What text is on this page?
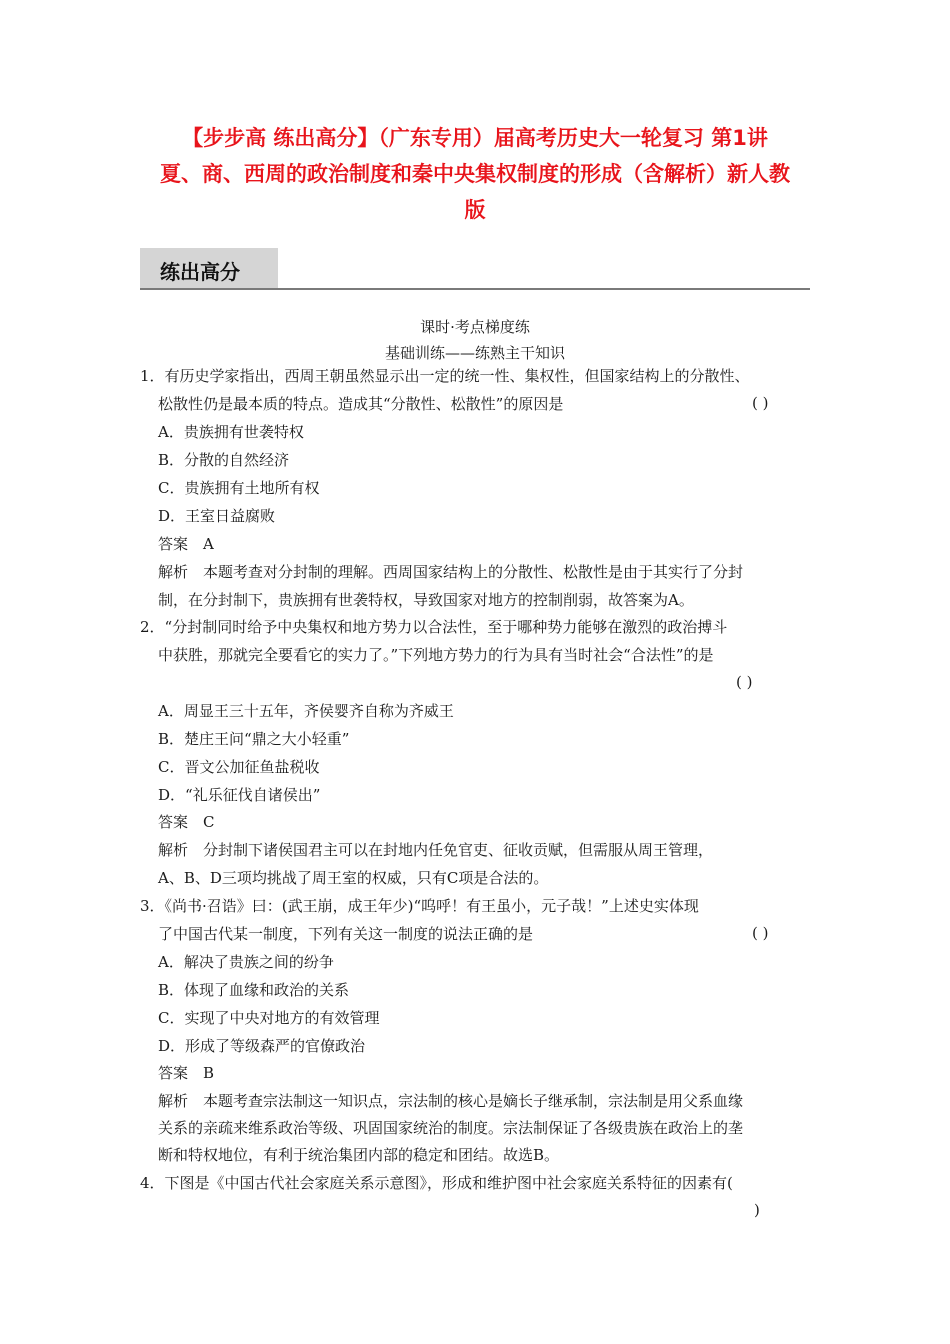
【步步高 练出高分】（广东专用）届高考历史大一轮复习 第1讲
夏、商、西周的政治制度和秦中央集权制度的形成（含解析）新人教
版
练出高分
课时·考点梯度练
基础训练——练熟主干知识
1．有历史学家指出，西周王朝虽然显示出一定的统一性、集权性，但国家结构上的分散性、
松散性仍是最本质的特点。造成其“分散性、松散性”的原因是	( )
A．贵族拥有世袭特权
B．分散的自然经济
C．贵族拥有土地所有权
D．王室日益腐败
答案　A
解析　本题考查对分封制的理解。西周国家结构上的分散性、松散性是由于其实行了分封
制，在分封制下，贵族拥有世袭特权，导致国家对地方的控制削弱，故答案为A。
2．“分封制同时给予中央集权和地方势力以合法性，至于哪种势力能够在激烈的政治搏斗
中获胜，那就完全要看它的实力了。”下列地方势力的行为具有当时社会“合法性”的是
( )
A．周显王三十五年，齐侯婴齐自称为齐威王
B．楚庄王问“鼎之大小轻重”
C．晋文公加征鱼盐税收
D．“礼乐征伐自诸侯出”
答案　C
解析　分封制下诸侯国君主可以在封地内任免官吏、征收贡赋，但需服从周王管理，
A、B、D三项均挑战了周王室的权威，只有C项是合法的。
3．《尚书·召诰》曰：(武王崩，成王年少)“呜呼！有王虽小，元子哉！”上述史实体现
了中国古代某一制度，下列有关这一制度的说法正确的是	( )
A．解决了贵族之间的纷争
B．体现了血缘和政治的关系
C．实现了中央对地方的有效管理
D．形成了等级森严的官僚政治
答案　B
解析　本题考查宗法制这一知识点，宗法制的核心是嫡长子继承制，宗法制是用父系血缘
关系的亲疏来维系政治等级、巩固国家统治的制度。宗法制保证了各级贵族在政治上的垄
断和特权地位，有利于统治集团内部的稳定和团结。故选B。
4．下图是《中国古代社会家庭关系示意图》，形成和维护图中社会家庭关系特征的因素有(
)
